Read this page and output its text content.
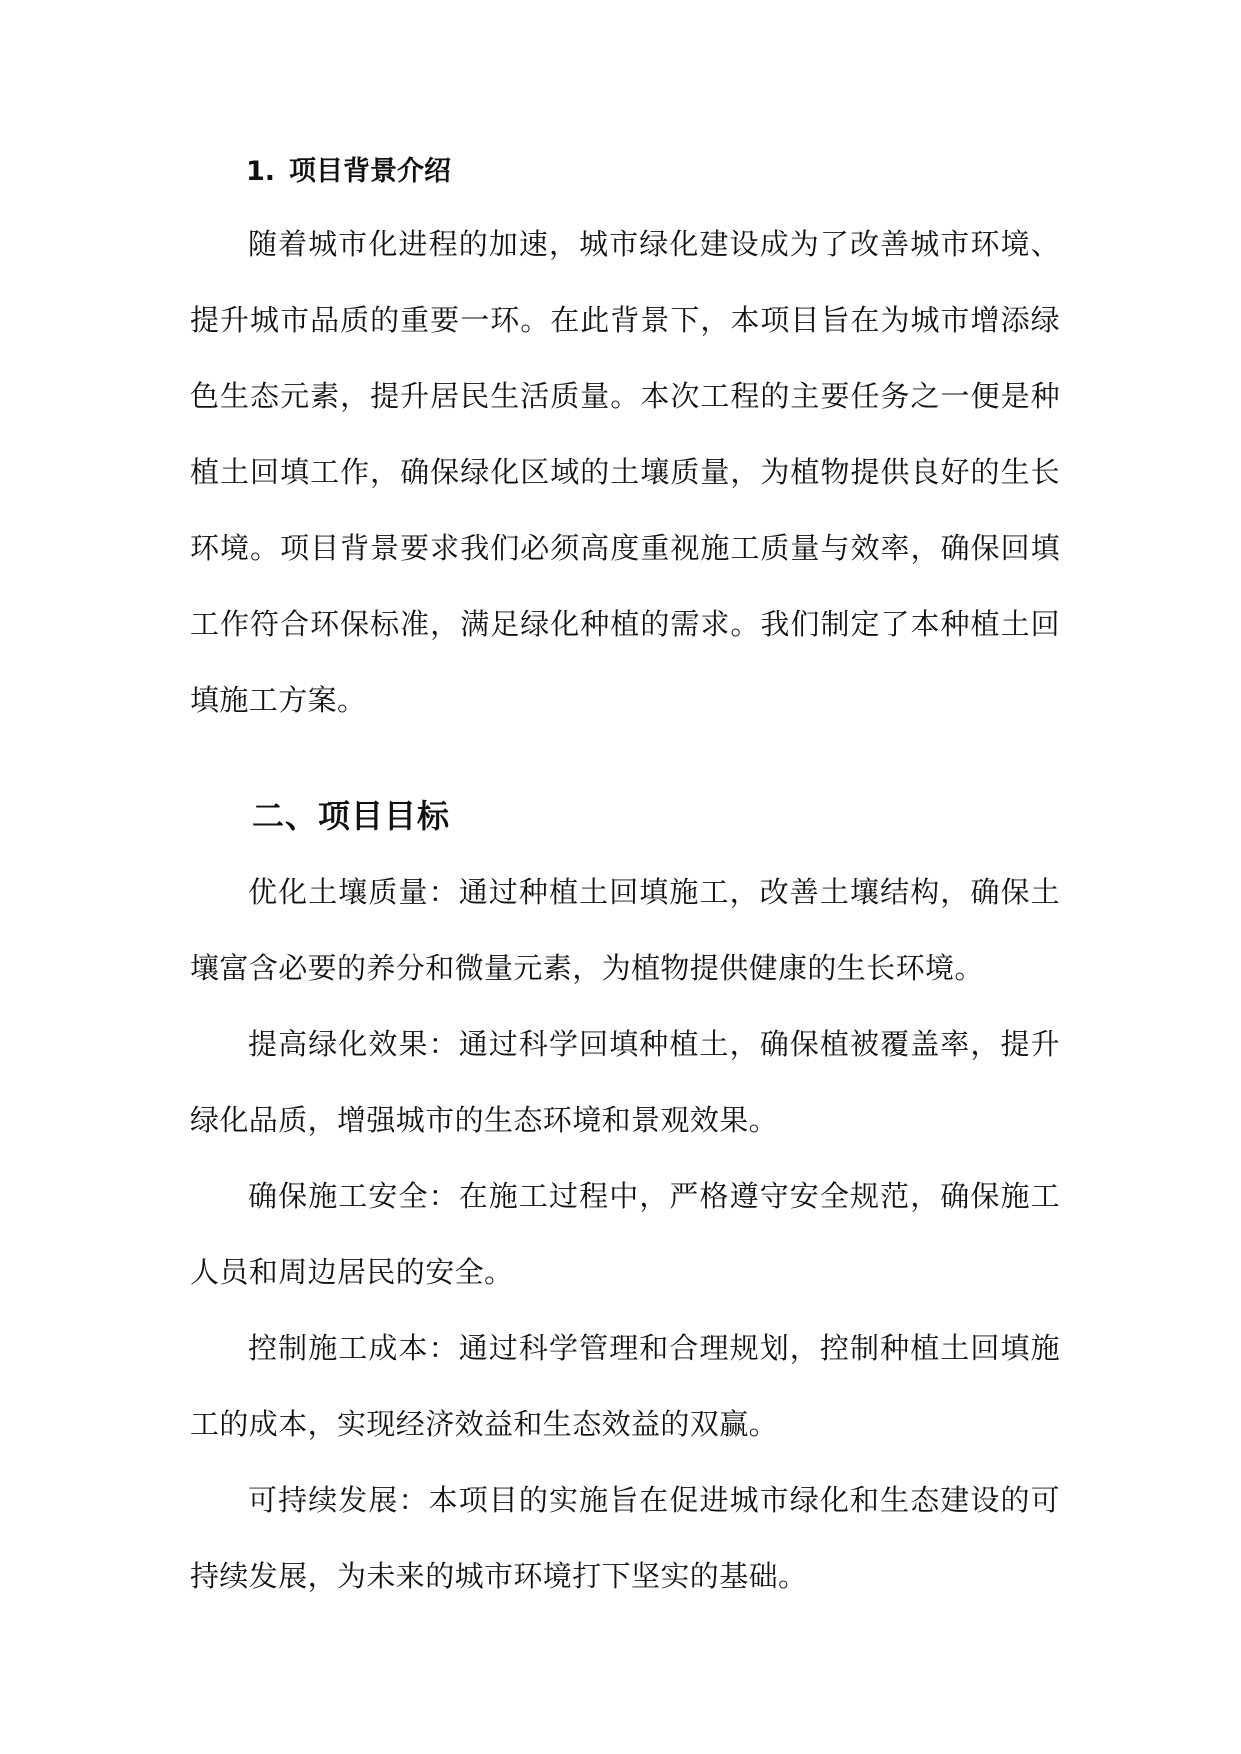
1. 项目背景介绍

随着城市化进程的加速，城市绿化建设成为了改善城市环境、提升城市品质的重要一环。在此背景下，本项目旨在为城市增添绿色生态元素，提升居民生活质量。本次工程的主要任务之一便是种植土回填工作，确保绿化区域的土壤质量，为植物提供良好的生长环境。项目背景要求我们必须高度重视施工质量与效率，确保回填工作符合环保标准，满足绿化种植的需求。我们制定了本种植土回填施工方案。

二、项目目标

优化土壤质量：通过种植土回填施工，改善土壤结构，确保土壤富含必要的养分和微量元素，为植物提供健康的生长环境。

提高绿化效果：通过科学回填种植土，确保植被覆盖率，提升绿化品质，增强城市的生态环境和景观效果。

确保施工安全：在施工过程中，严格遵守安全规范，确保施工人员和周边居民的安全。

控制施工成本：通过科学管理和合理规划，控制种植土回填施工的成本，实现经济效益和生态效益的双赢。

可持续发展：本项目的实施旨在促进城市绿化和生态建设的可持续发展，为未来的城市环境打下坚实的基础。
